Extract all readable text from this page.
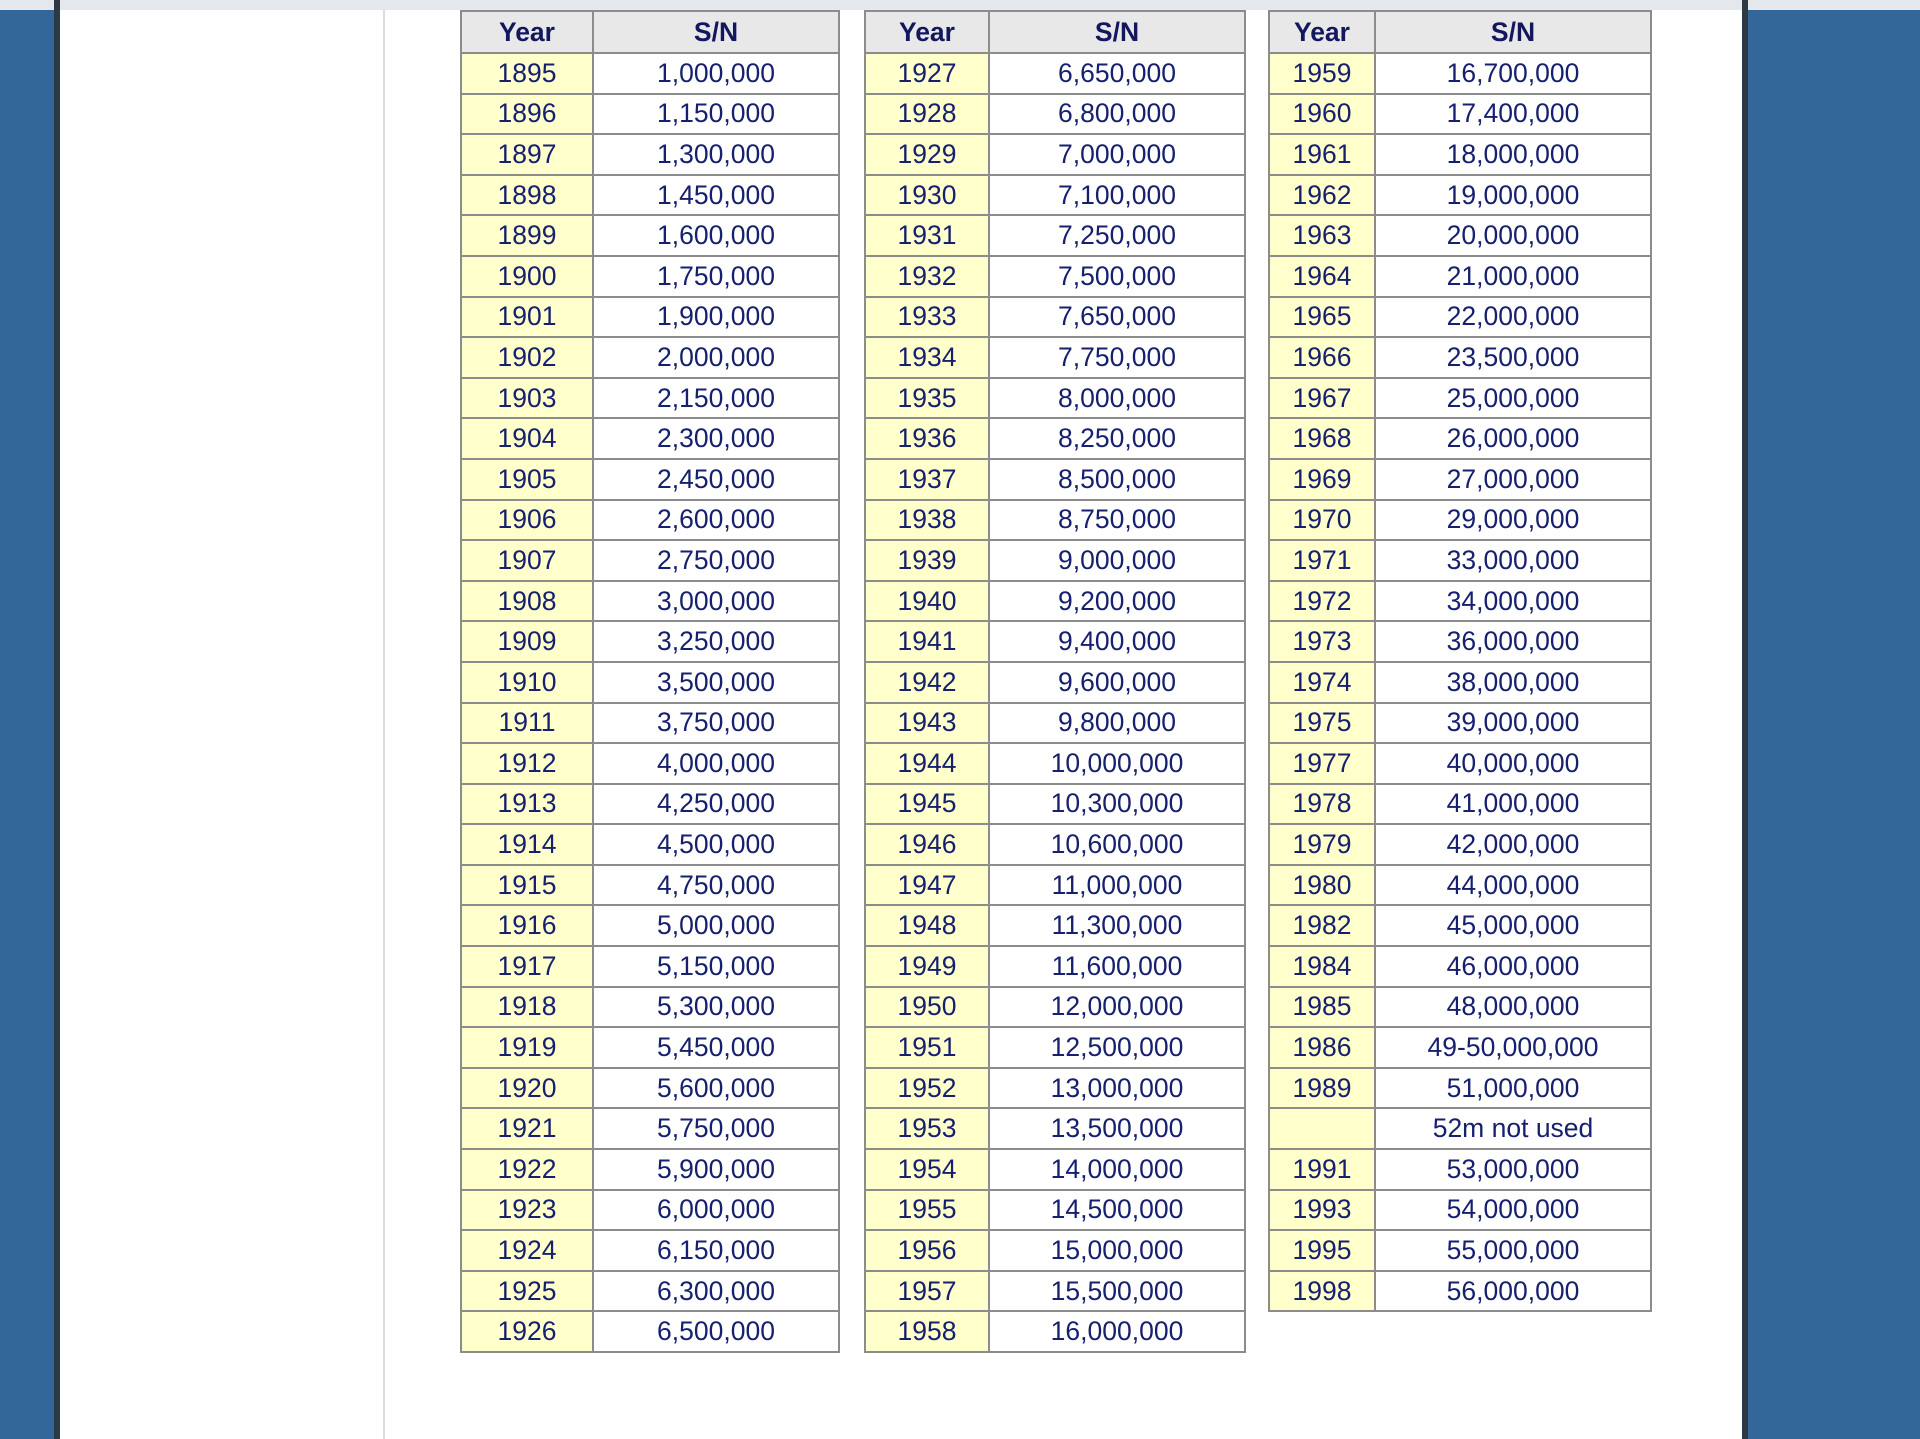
Year	S/N
1895	1,000,000
1896	1,150,000
1897	1,300,000
1898	1,450,000
1899	1,600,000
1900	1,750,000
1901	1,900,000
1902	2,000,000
1903	2,150,000
1904	2,300,000
1905	2,450,000
1906	2,600,000
1907	2,750,000
1908	3,000,000
1909	3,250,000
1910	3,500,000
1911	3,750,000
1912	4,000,000
1913	4,250,000
1914	4,500,000
1915	4,750,000
1916	5,000,000
1917	5,150,000
1918	5,300,000
1919	5,450,000
1920	5,600,000
1921	5,750,000
1922	5,900,000
1923	6,000,000
1924	6,150,000
1925	6,300,000
1926	6,500,000
Year	S/N
1927	6,650,000
1928	6,800,000
1929	7,000,000
1930	7,100,000
1931	7,250,000
1932	7,500,000
1933	7,650,000
1934	7,750,000
1935	8,000,000
1936	8,250,000
1937	8,500,000
1938	8,750,000
1939	9,000,000
1940	9,200,000
1941	9,400,000
1942	9,600,000
1943	9,800,000
1944	10,000,000
1945	10,300,000
1946	10,600,000
1947	11,000,000
1948	11,300,000
1949	11,600,000
1950	12,000,000
1951	12,500,000
1952	13,000,000
1953	13,500,000
1954	14,000,000
1955	14,500,000
1956	15,000,000
1957	15,500,000
1958	16,000,000
Year	S/N
1959	16,700,000
1960	17,400,000
1961	18,000,000
1962	19,000,000
1963	20,000,000
1964	21,000,000
1965	22,000,000
1966	23,500,000
1967	25,000,000
1968	26,000,000
1969	27,000,000
1970	29,000,000
1971	33,000,000
1972	34,000,000
1973	36,000,000
1974	38,000,000
1975	39,000,000
1977	40,000,000
1978	41,000,000
1979	42,000,000
1980	44,000,000
1982	45,000,000
1984	46,000,000
1985	48,000,000
1986	49-50,000,000
1989	51,000,000
	52m not used
1991	53,000,000
1993	54,000,000
1995	55,000,000
1998	56,000,000
